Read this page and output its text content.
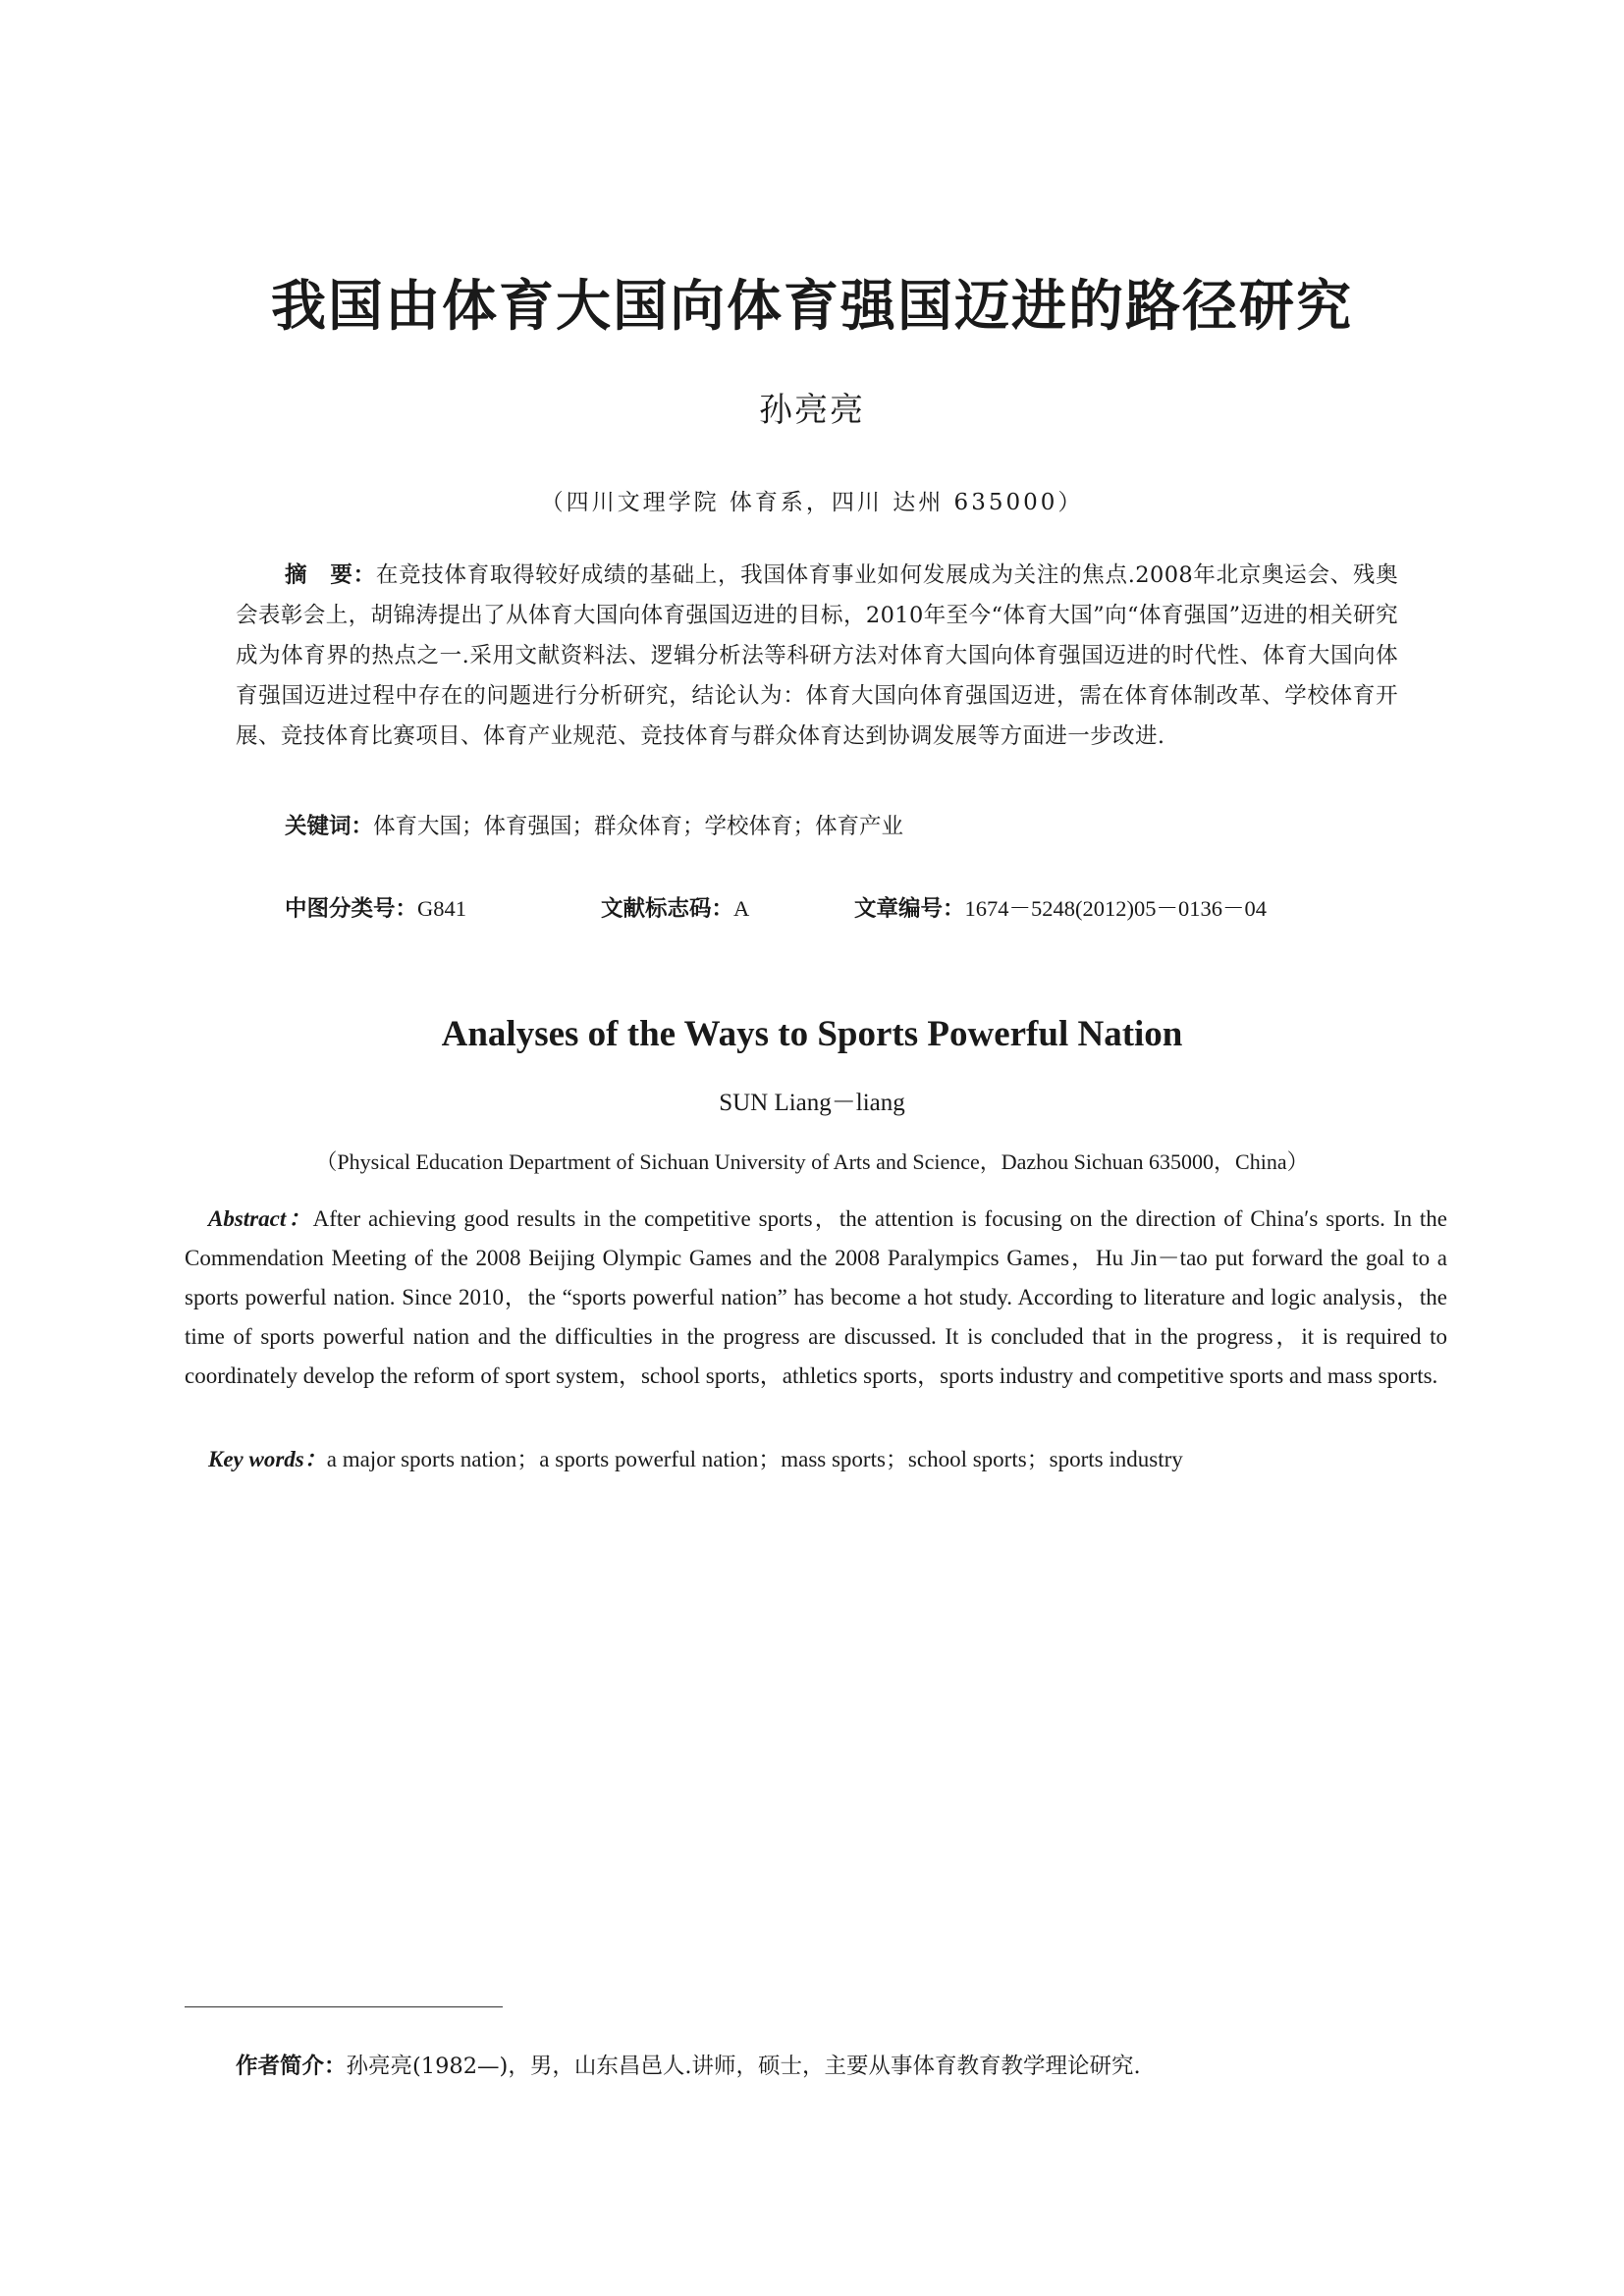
我国由体育大国向体育强国迈进的路径研究
孙亮亮
（四川文理学院 体育系，四川 达州 635000）
摘　要：在竞技体育取得较好成绩的基础上，我国体育事业如何发展成为关注的焦点.2008年北京奥运会、残奥会表彰会上，胡锦涛提出了从体育大国向体育强国迈进的目标，2010年至今“体育大国”向“体育强国”迈进的相关研究成为体育界的热点之一.采用文献资料法、逻辑分析法等科研方法对体育大国向体育强国迈进的时代性、体育大国向体育强国迈进过程中存在的问题进行分析研究，结论认为：体育大国向体育强国迈进，需在体育体制改革、学校体育开展、竞技体育比赛项目、体育产业规范、竞技体育与群众体育达到协调发展等方面进一步改进.
关键词：体育大国；体育强国；群众体育；学校体育；体育产业
中图分类号：G841	文献标志码：A	文章编号：1674－5248(2012)05－0136－04
Analyses of the Ways to Sports Powerful Nation
SUN Liang－liang
（Physical Education Department of Sichuan University of Arts and Science，Dazhou Sichuan 635000，China）
Abstract：After achieving good results in the competitive sports，the attention is focusing on the direction of China′s sports. In the Commendation Meeting of the 2008 Beijing Olympic Games and the 2008 Paralympics Games，Hu Jin－tao put forward the goal to a sports powerful nation. Since 2010，the “sports powerful nation” has become a hot study. According to literature and logic analysis，the time of sports powerful nation and the difficulties in the progress are discussed. It is concluded that in the progress，it is required to coordinately develop the reform of sport system，school sports，athletics sports，sports industry and competitive sports and mass sports.
Key words：a major sports nation；a sports powerful nation；mass sports；school sports；sports industry
作者简介：孙亮亮(1982—)，男，山东昌邑人.讲师，硕士，主要从事体育教育教学理论研究.
